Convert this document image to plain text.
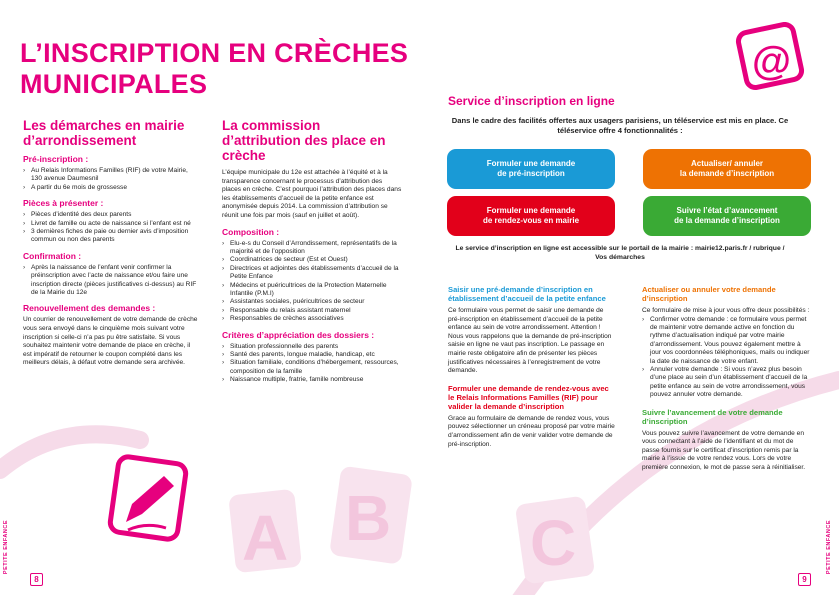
A B C
L’INSCRIPTION EN CRÈCHES MUNICIPALES
@
Les démarches en mairie d’arrondissement
Pré-inscription :
› Au Relais Informations Familles (RIF) de votre Mairie, 130 avenue Daumesnil
› A partir du 6e mois de grossesse
Pièces à présenter :
› Pièces d’identité des deux parents
› Livret de famille ou acte de naissance si l’enfant est né
› 3 dernières fiches de paie ou dernier avis d’imposition commun ou non des parents
Confirmation :
› Après la naissance de l’enfant venir confirmer la préinscription avec l’acte de naissance et/ou faire une inscription directe (pièces justificatives ci-dessus) au RIF de la Mairie du 12e
Renouvellement des demandes :
Un courrier de renouvellement de votre demande de crèche vous sera envoyé dans le cinquième mois suivant votre inscription si celle-ci n’a pas pu être satisfaite. Si vous souhaitez maintenir votre demande de place en crèche, il est impératif de retourner le coupon complété dans les meilleurs délais, à défaut votre demande sera archivée.
La commission d’attribution des place en crèche
L’équipe municipale du 12e est attachée à l’équité et à la transparence concernant le processus d’attribution des places en crèche. C’est pourquoi l’attribution des places dans les établissements d’accueil de la petite enfance est anonymisée depuis 2014. La commission d’attribution se réunit une fois par mois (sauf en juillet et août).
Composition :
› Elu-e-s du Conseil d’Arrondissement, représentatifs de la majorité et de l’opposition
› Coordinatrices de secteur (Est et Ouest)
› Directrices et adjointes des établissements d’accueil de la Petite Enfance
› Médecins et puéricultrices de la Protection Maternelle Infantile (P.M.I)
› Assistantes sociales, puéricultrices de secteur
› Responsable du relais assistant maternel
› Responsables de crèches associatives
Critères d’appréciation des dossiers :
› Situation professionnelle des parents
› Santé des parents, longue maladie, handicap, etc
› Situation familiale, conditions d’hébergement, ressources, composition de la famille
› Naissance multiple, fratrie, famille nombreuse
Service d’inscription en ligne
Dans le cadre des facilités offertes aux usagers parisiens, un téléservice est mis en place. Ce téléservice offre 4 fonctionnalités :
Formuler une demande
de pré-inscription
Actualiser/ annuler
la demande d’inscription
Formuler une demande
de rendez-vous en mairie
Suivre l’état d’avancement
de la demande d’inscription
Le service d’inscription en ligne est accessible sur le portail de la mairie : mairie12.paris.fr / rubrique / Vos démarches
Saisir une pré-demande d’inscription en établissement d’accueil de la petite enfance
Ce formulaire vous permet de saisir une demande de pré-inscription en établissement d’accueil de la petite enfance au sein de votre arrondissement. Attention ! Nous vous rappelons que la demande de pré-inscription saisie en ligne ne vaut pas inscription. Le passage en mairie reste obligatoire afin de présenter les pièces justificatives nécessaires à l’enregistrement de votre demande.
Formuler une demande de rendez-vous avec le Relais Informations Familles (RIF) pour valider la demande d’inscription
Grace au formulaire de demande de rendez vous, vous pouvez sélectionner un créneau proposé par votre mairie d’arrondissement afin de venir valider votre demande de pré-inscription.
Actualiser ou annuler votre demande d’inscription
Ce formulaire de mise à jour vous offre deux possibilités :
› Confirmer votre demande : ce formulaire vous permet de maintenir votre demande active en fonction du rythme d’actualisation indiqué par votre mairie d’arrondissement. Vous pouvez également mettre à jour vos coordonnées téléphoniques, mails ou indiquer la date de naissance de votre enfant.
› Annuler votre demande : Si vous n’avez plus besoin d’une place au sein d’un établissement d’accueil de la petite enfance au sein de votre arrondissement, vous pouvez annuler votre demande.
Suivre l’avancement de votre demande d’inscription
Vous pouvez suivre l’avancement de votre demande en vous connectant à l’aide de l’identifiant et du mot de passe fournis sur le certificat d’inscription remis par la mairie à l’issue de votre rendez vous. Lors de votre première connexion, le mot de passe sera à réinitialiser.
PETITE ENFANCE	PETITE ENFANCE
8	9
